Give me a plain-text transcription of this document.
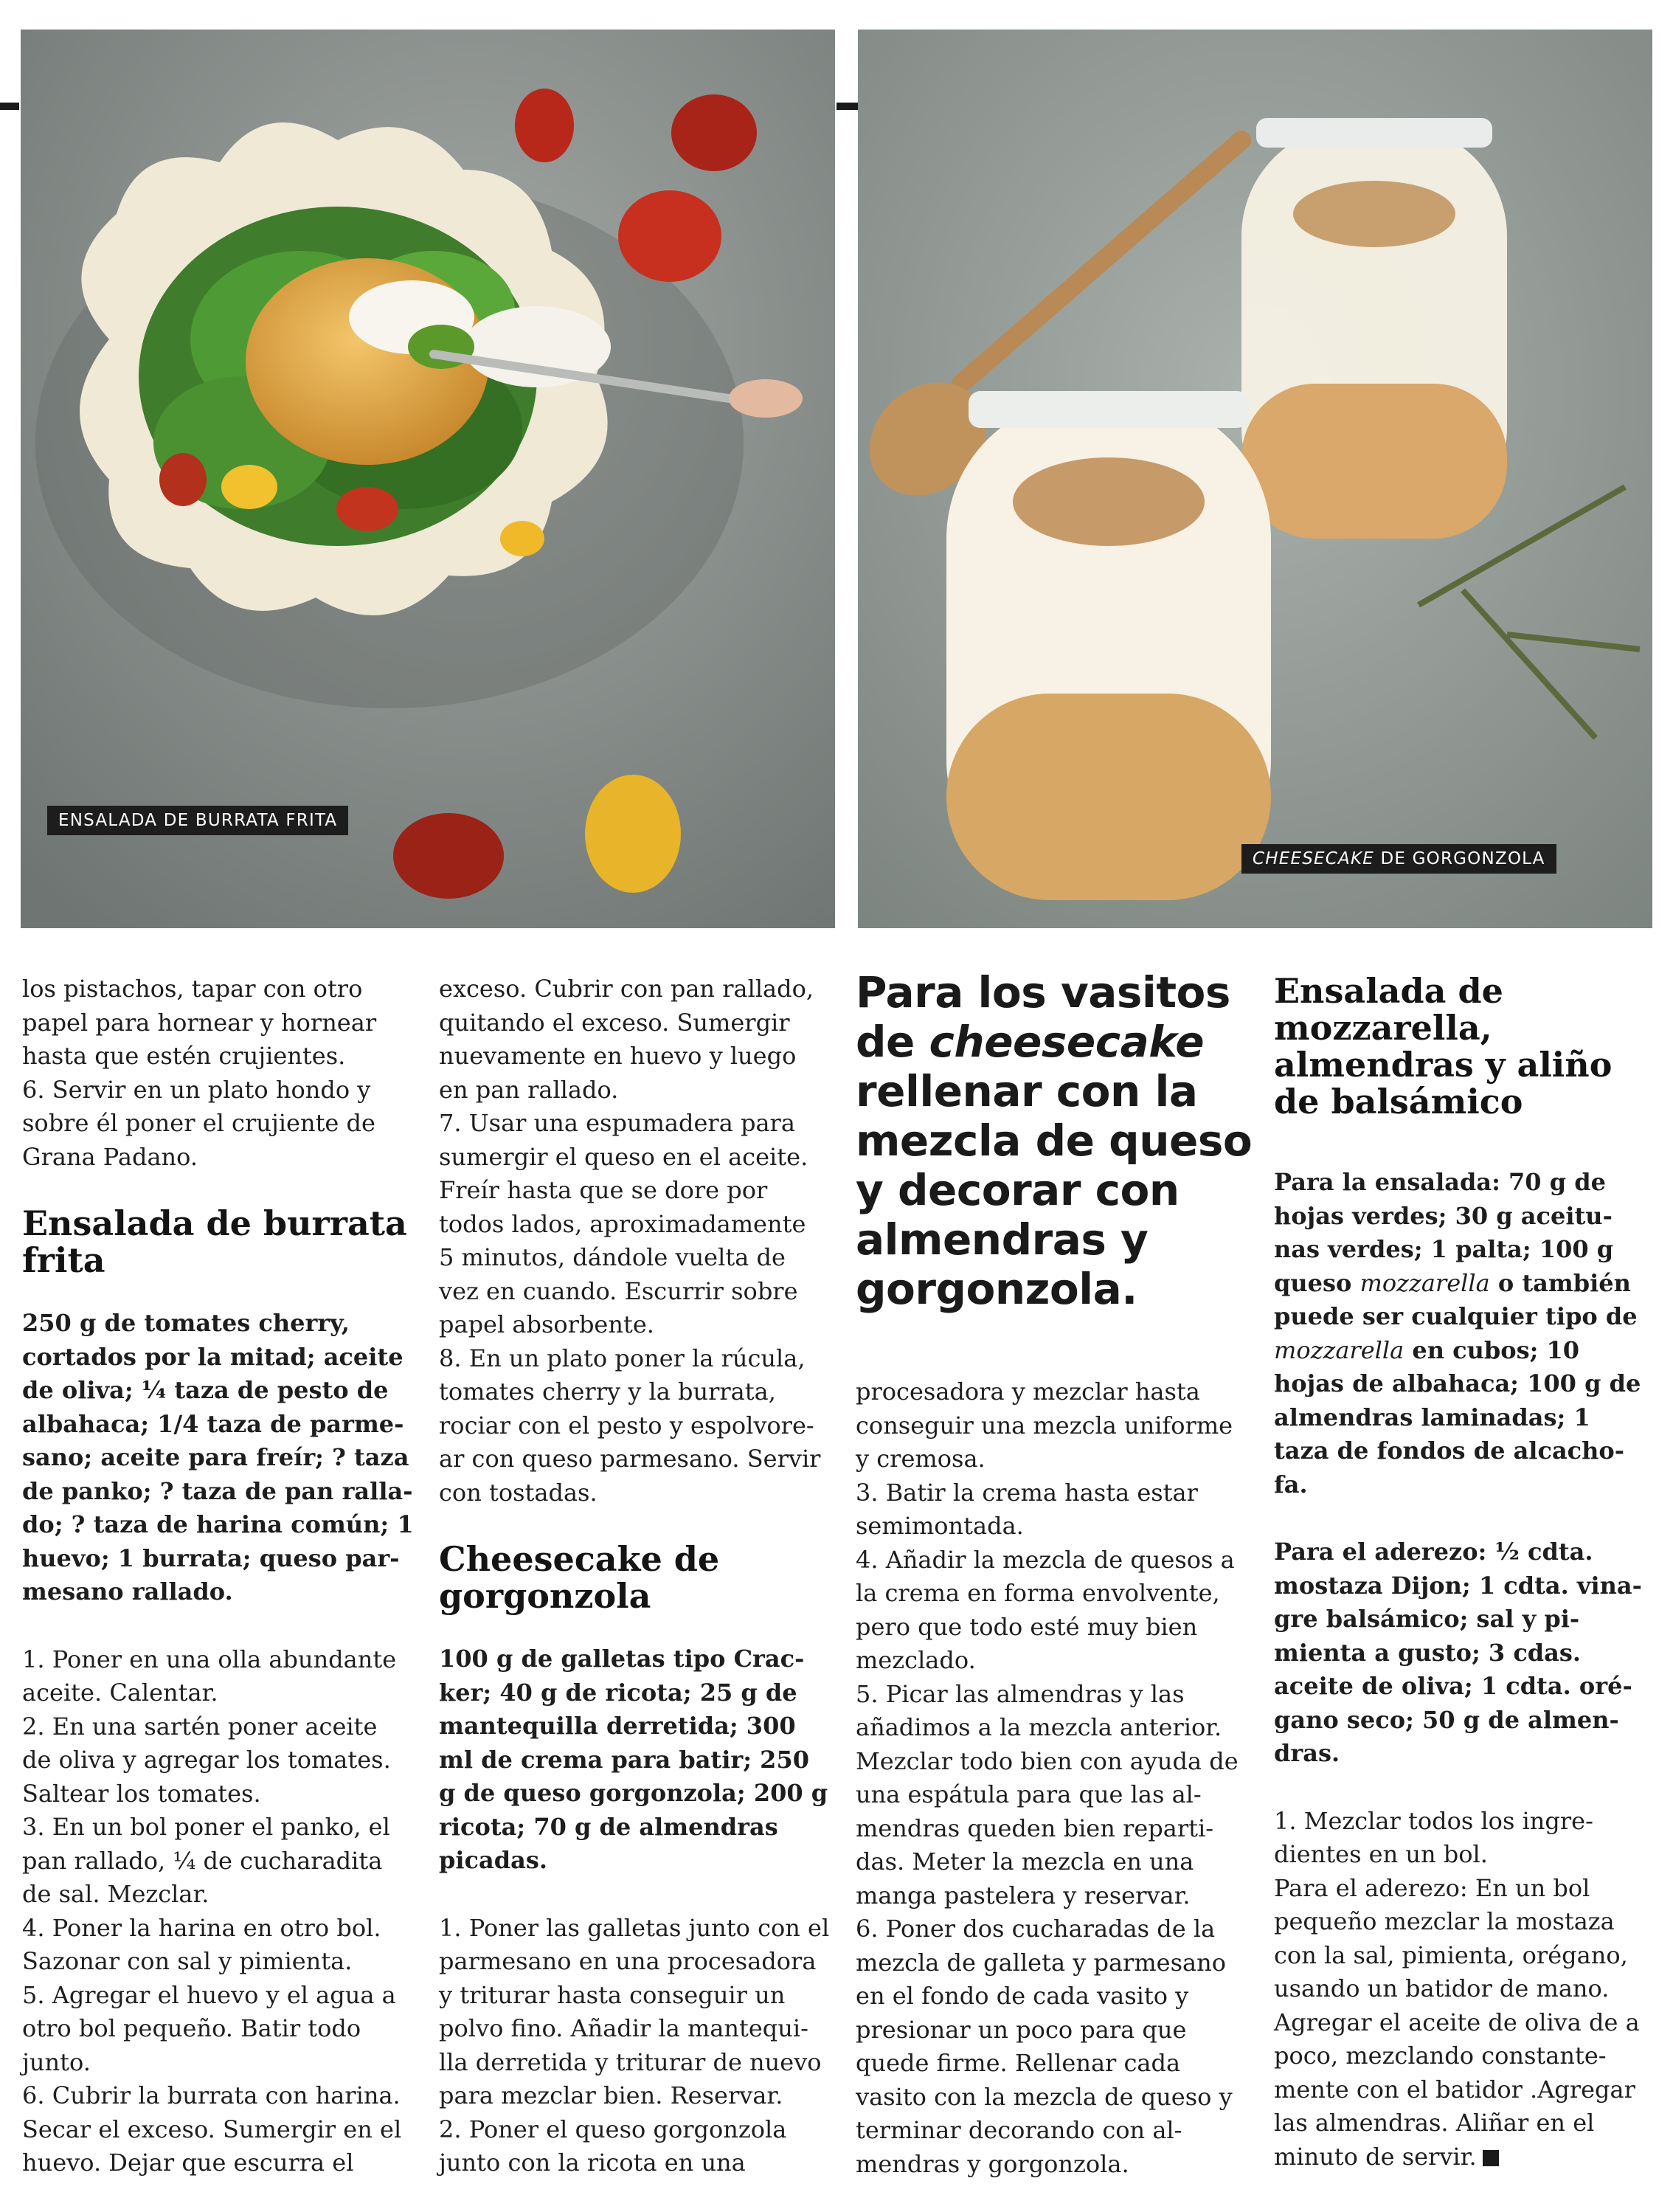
ENSALADA DE BURRATA FRITA
CHEESECAKE DE GORGONZOLA
los pistachos, tapar con otro
papel para hornear y hornear
hasta que estén crujientes.
6. Servir en un plato hondo y
sobre él poner el crujiente de
Grana Padano.
Ensalada de burrata
frita
250 g de tomates cherry,
cortados por la mitad; aceite
de oliva; ¼ taza de pesto de
albahaca; 1/4 taza de parme-
sano; aceite para freír; ? taza
de panko; ? taza de pan ralla-
do; ? taza de harina común; 1
huevo; 1 burrata; queso par-
mesano rallado.
1. Poner en una olla abundante
aceite. Calentar.
2. En una sartén poner aceite
de oliva y agregar los tomates.
Saltear los tomates.
3. En un bol poner el panko, el
pan rallado, ¼ de cucharadita
de sal. Mezclar.
4. Poner la harina en otro bol.
Sazonar con sal y pimienta.
5. Agregar el huevo y el agua a
otro bol pequeño. Batir todo
junto.
6. Cubrir la burrata con harina.
Secar el exceso. Sumergir en el
huevo. Dejar que escurra el
exceso. Cubrir con pan rallado,
quitando el exceso. Sumergir
nuevamente en huevo y luego
en pan rallado.
7. Usar una espumadera para
sumergir el queso en el aceite.
Freír hasta que se dore por
todos lados, aproximadamente
5 minutos, dándole vuelta de
vez en cuando. Escurrir sobre
papel absorbente.
8. En un plato poner la rúcula,
tomates cherry y la burrata,
rociar con el pesto y espolvore-
ar con queso parmesano. Servir
con tostadas.
Cheesecake de
gorgonzola
100 g de galletas tipo Crac-
ker; 40 g de ricota; 25 g de
mantequilla derretida; 300
ml de crema para batir; 250
g de queso gorgonzola; 200 g
ricota; 70 g de almendras
picadas.
1. Poner las galletas junto con el
parmesano en una procesadora
y triturar hasta conseguir un
polvo fino. Añadir la mantequi-
lla derretida y triturar de nuevo
para mezclar bien. Reservar.
2. Poner el queso gorgonzola
junto con la ricota en una
Para los vasitos
de cheesecake
rellenar con la
mezcla de queso
y decorar con
almendras y
gorgonzola.
procesadora y mezclar hasta
conseguir una mezcla uniforme
y cremosa.
3. Batir la crema hasta estar
semimontada.
4. Añadir la mezcla de quesos a
la crema en forma envolvente,
pero que todo esté muy bien
mezclado.
5. Picar las almendras y las
añadimos a la mezcla anterior.
Mezclar todo bien con ayuda de
una espátula para que las al-
mendras queden bien reparti-
das. Meter la mezcla en una
manga pastelera y reservar.
6. Poner dos cucharadas de la
mezcla de galleta y parmesano
en el fondo de cada vasito y
presionar un poco para que
quede firme. Rellenar cada
vasito con la mezcla de queso y
terminar decorando con al-
mendras y gorgonzola.
Ensalada de
mozzarella,
almendras y aliño
de balsámico

Para la ensalada: 70 g de

hojas verdes; 30 g aceitu-

nas verdes; 1 palta; 100 g

queso mozzarella o también

puede ser cualquier tipo de

mozzarella en cubos; 10

hojas de albahaca; 100 g de

almendras laminadas; 1

taza de fondos de alcacho-

fa.

Para el aderezo: ½ cdta.
mostaza Dijon; 1 cdta. vina-
gre balsámico; sal y pi-
mienta a gusto; 3 cdas.
aceite de oliva; 1 cdta. oré-
gano seco; 50 g de almen-
dras.
1. Mezclar todos los ingre-
dientes en un bol.
Para el aderezo: En un bol
pequeño mezclar la mostaza
con la sal, pimienta, orégano,
usando un batidor de mano.
Agregar el aceite de oliva de a
poco, mezclando constante-
mente con el batidor .Agregar
las almendras. Aliñar en el
minuto de servir.
